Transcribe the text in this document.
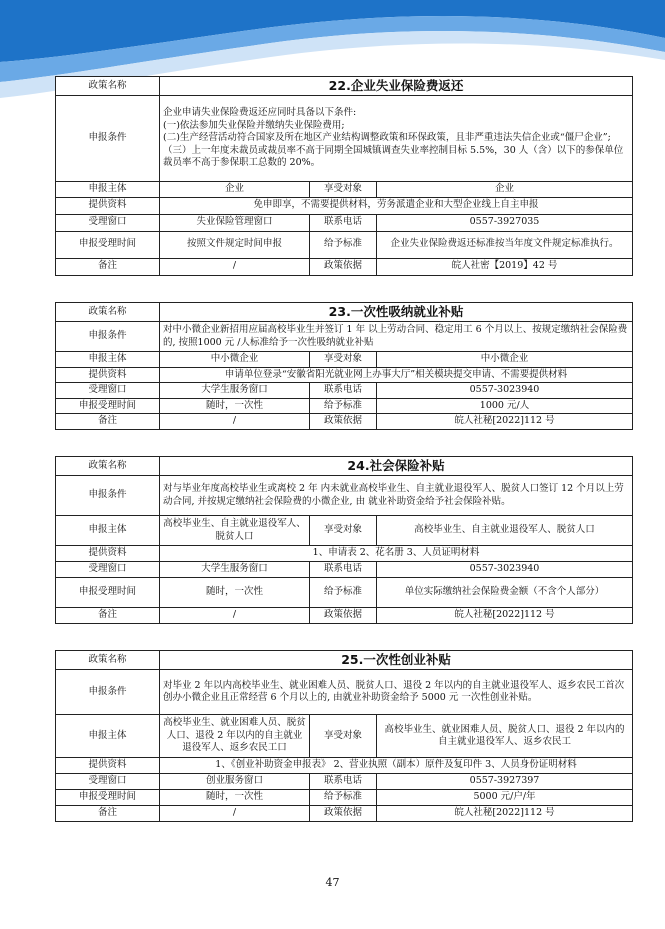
政策名称	22.企业失业保险费返还		
申报条件	企业申请失业保险费返还应同时具备以下条件:
(一)依法参加失业保险并缴纳失业保险费用;
(二)生产经营活动符合国家及所在地区产业结构调整政策和环保政策，且非严重违法失信企业或“僵尸企业”;
（三）上一年度未裁员或裁员率不高于同期全国城镇调查失业率控制目标 5.5%，30 人（含）以下的参保单位裁员率不高于参保职工总数的 20%。		

申报主体	企业	享受对象	企业
提供资料	免申即享，不需要提供材料，劳务派遣企业和大型企业线上自主申报		
受理窗口	失业保险管理窗口	联系电话	0557-3927035
申报受理时间	按照文件规定时间申报	给予标准	企业失业保险费返还标准按当年度文件规定标准执行。
备注	/	政策依据	皖人社密【2019】42 号
政策名称	23.一次性吸纳就业补贴		
申报条件	对中小微企业新招用应届高校毕业生并签订 1 年 以上劳动合同、稳定用工 6 个月以上、按规定缴纳社会保险费的, 按照1000 元 /人标准给予一次性吸纳就业补贴		

申报主体	中小微企业	享受对象	中小微企业
提供资料	申请单位登录“安徽省阳光就业网上办事大厅”相关模块提交申请、不需要提供材料		
受理窗口	大学生服务窗口	联系电话	0557-3023940
申报受理时间	随时，一次性	给予标准	1000 元/人
备注	/	政策依据	皖人社秘[2022]112 号
政策名称	24.社会保险补贴		
申报条件	对与毕业年度高校毕业生或离校 2 年 内未就业高校毕业生、自主就业退役军人、脱贫人口签订 12 个月以上劳动合同, 并按规定缴纳社会保险费的小微企业, 由 就业补助资金给予社会保险补贴。		

申报主体	高校毕业生、自主就业退役军人、脱贫人口	享受对象	高校毕业生、自主就业退役军人、脱贫人口
提供资料	1、申请表 2、花名册 3、人员证明材料		
受理窗口	大学生服务窗口	联系电话	0557-3023940
申报受理时间	随时，一次性	给予标准	单位实际缴纳社会保险费金额（不含个人部分）
备注	/	政策依据	皖人社秘[2022]112 号
政策名称	25.一次性创业补贴		
申报条件	对毕业 2 年以内高校毕业生、就业困难人员、脱贫人口、退役 2 年以内的自主就业退役军人、返乡农民工首次创办小微企业且正常经营 6 个月以上的, 由就业补助资金给予 5000 元 一次性创业补贴。		

申报主体	高校毕业生、就业困难人员、脱贫人口、退役 2 年以内的自主就业退役军人、返乡农民工口	享受对象	高校毕业生、就业困难人员、脱贫人口、退役 2 年以内的自主就业退役军人、返乡农民工
提供资料	1、《创业补助资金申报表》 2、营业执照（副本）原件及复印件 3、人员身份证明材料		
受理窗口	创业服务窗口	联系电话	0557-3927397
申报受理时间	随时，一次性	给予标准	5000 元/户/年
备注	/	政策依据	皖人社秘[2022]112 号
47
